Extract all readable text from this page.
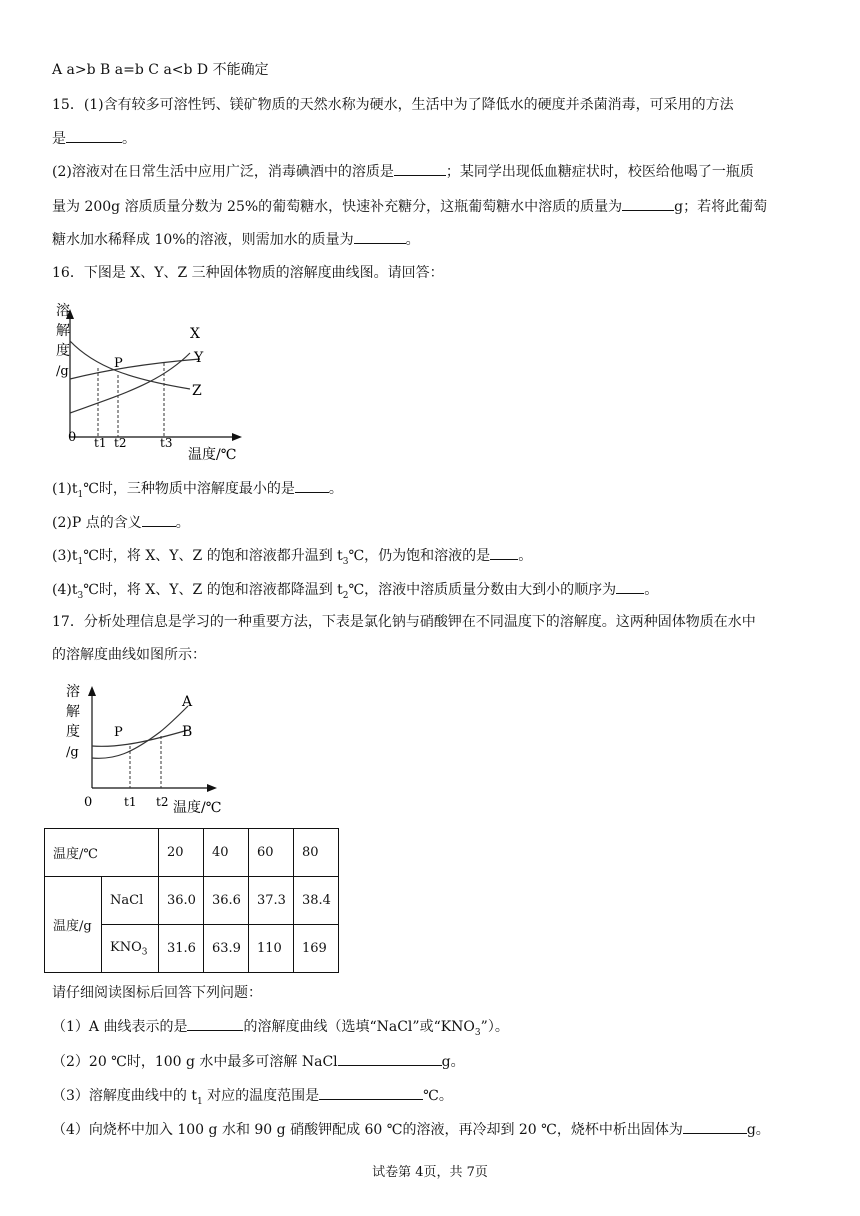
A a>b B a=b C a<b D 不能确定
15．(1)含有较多可溶性钙、镁矿物质的天然水称为硬水，生活中为了降低水的硬度并杀菌消毒，可采用的方法
是	。
(2)溶液对在日常生活中应用广泛，消毒碘酒中的溶质是	；某同学出现低血糖症状时，校医给他喝了一瓶质
量为 200g 溶质质量分数为 25%的葡萄糖水，快速补充糖分，这瓶葡萄糖水中溶质的质量为	g；若将此葡萄
糖水加水稀释成 10%的溶液，则需加水的质量为	。
16．下图是 X、Y、Z 三种固体物质的溶解度曲线图。请回答：
溶
解
度
/g
0 t1 t2	t3
温度/℃
P
X
Y
Z
$(1)t_1℃$时，三种物质中溶解度最小的是 。
(2)P 点的含义 。
$(3)t_1℃$时，将 X、Y、Z 的饱和溶液都升温到 $t_3℃$，仍为饱和溶液的是 。
$(4)t_3℃$时，将 X、Y、Z 的饱和溶液都降温到 $t_2℃$，溶液中溶质质量分数由大到小的顺序为 。
17．分析处理信息是学习的一种重要方法，下表是氯化钠与硝酸钾在不同温度下的溶解度。这两种固体物质在水中
的溶解度曲线如图所示：
溶
解
度
/g
0	t1 t2 温度/℃
P
A
B
温度/℃		20	40	60	80
温度/g	NaCl	36.0	36.6	37.3	38.4
	$KNO_3$	31.6	63.9	110	169
请仔细阅读图标后回答下列问题：
（1）A 曲线表示的是	的溶解度曲线（选填“NaCl”或“$KNO_3$”）。
（2）20 ℃时，100 g 水中最多可溶解 NaCl	g。
（3）溶解度曲线中的 $t_1$ 对应的温度范围是	℃。
（4）向烧杯中加入 100 g 水和 90 g 硝酸钾配成 60 ℃的溶液，再冷却到 20 ℃，烧杯中析出固体为	g。
试卷第 4页，共 7页
